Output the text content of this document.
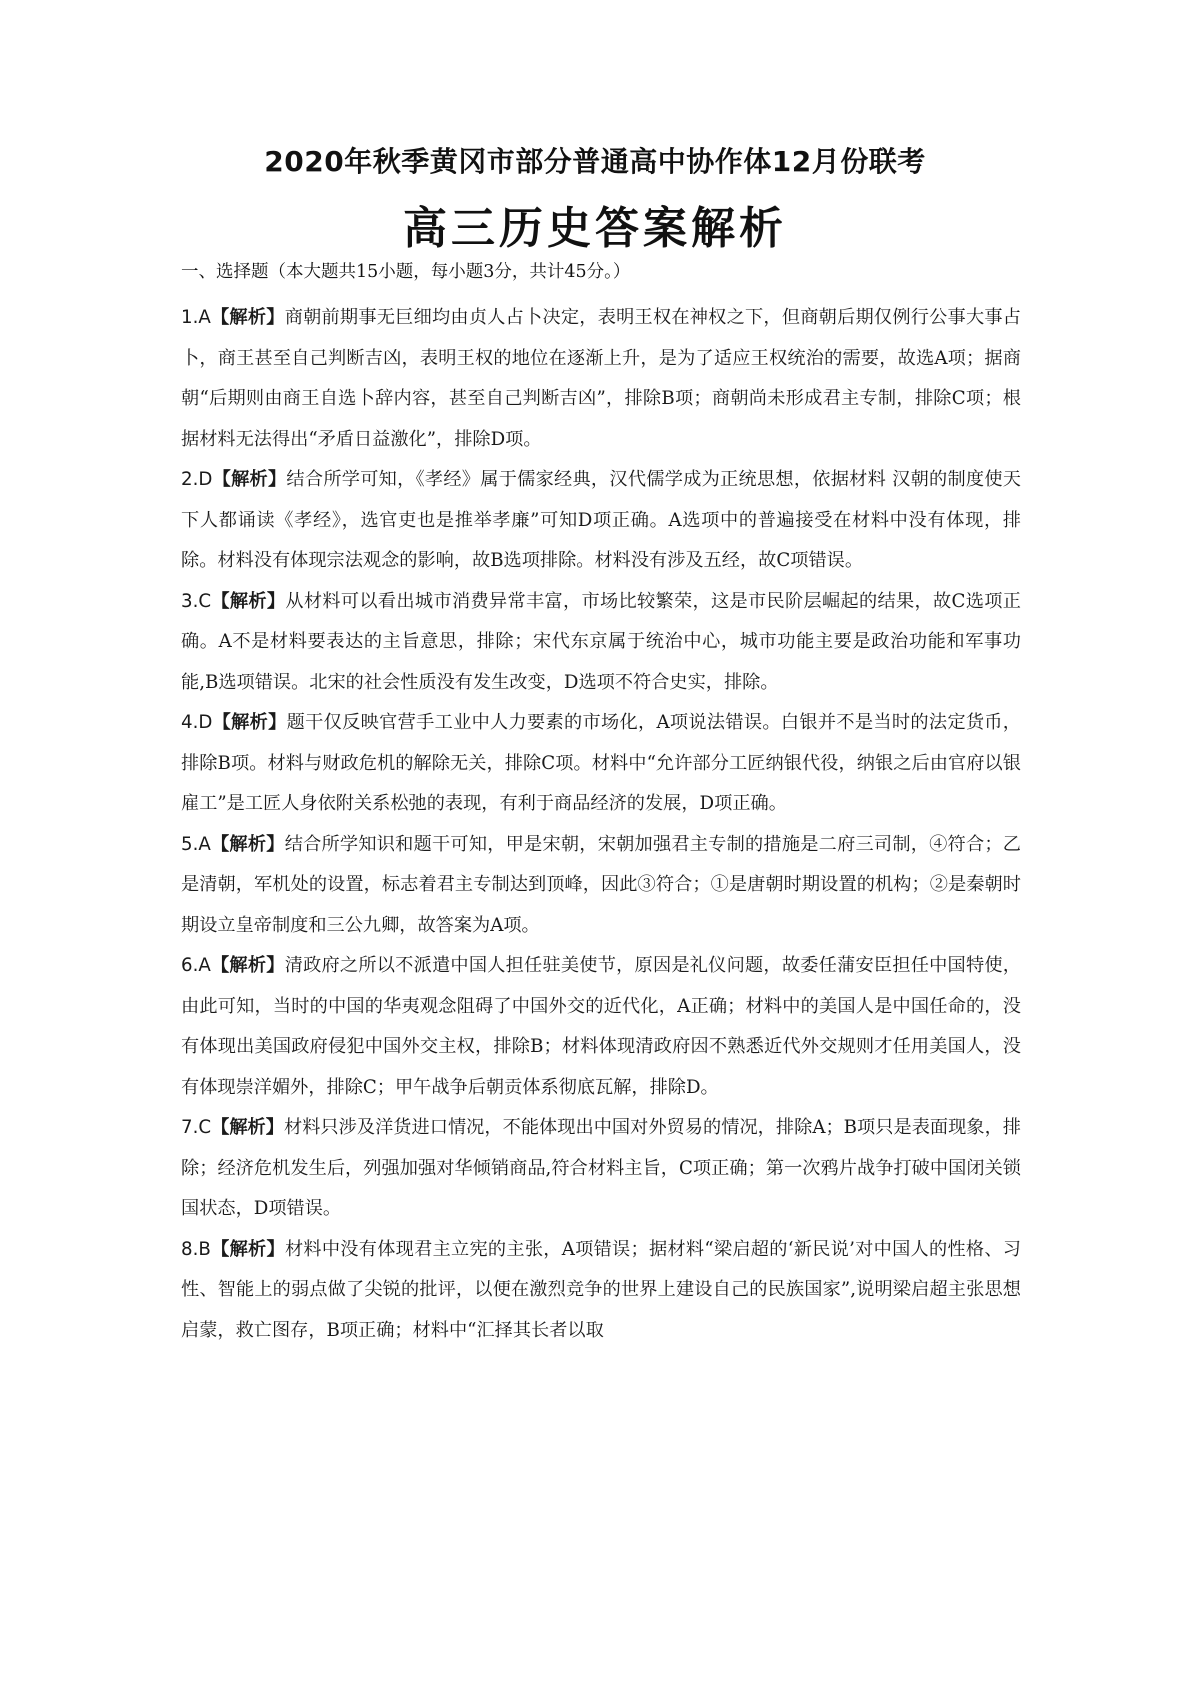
2020年秋季黄冈市部分普通高中协作体12月份联考
高三历史答案解析
一、选择题（本大题共15小题，每小题3分，共计45分。）

1.A【解析】商朝前期事无巨细均由贞人占卜决定，表明王权在神权之下，但商朝后期仅例行公事大事占卜，商王甚至自己判断吉凶，表明王权的地位在逐渐上升，是为了适应王权统治的需要，故选A项；据商朝“后期则由商王自选卜辞内容，甚至自己判断吉凶”，排除B项；商朝尚未形成君主专制，排除C项；根据材料无法得出“矛盾日益激化”，排除D项。

2.D【解析】结合所学可知，《孝经》属于儒家经典，汉代儒学成为正统思想，依据材料 汉朝的制度使天下人都诵读《孝经》，选官吏也是推举孝廉”可知D项正确。A选项中的普遍接受在材料中没有体现，排除。材料没有体现宗法观念的影响，故B选项排除。材料没有涉及五经，故C项错误。

3.C【解析】从材料可以看出城市消费异常丰富，市场比较繁荣，这是市民阶层崛起的结果，故C选项正确。A不是材料要表达的主旨意思，排除；宋代东京属于统治中心，城市功能主要是政治功能和军事功能,B选项错误。北宋的社会性质没有发生改变，D选项不符合史实，排除。

4.D【解析】题干仅反映官营手工业中人力要素的市场化，A项说法错误。白银并不是当时的法定货币，排除B项。材料与财政危机的解除无关，排除C项。材料中“允许部分工匠纳银代役，纳银之后由官府以银雇工”是工匠人身依附关系松弛的表现，有利于商品经济的发展，D项正确。

5.A【解析】结合所学知识和题干可知，甲是宋朝，宋朝加强君主专制的措施是二府三司制，④符合；乙是清朝，军机处的设置，标志着君主专制达到顶峰，因此③符合；①是唐朝时期设置的机构；②是秦朝时期设立皇帝制度和三公九卿，故答案为A项。

6.A【解析】清政府之所以不派遣中国人担任驻美使节，原因是礼仪问题，故委任蒲安臣担任中国特使，由此可知，当时的中国的华夷观念阻碍了中国外交的近代化，A正确；材料中的美国人是中国任命的，没有体现出美国政府侵犯中国外交主权，排除B；材料体现清政府因不熟悉近代外交规则才任用美国人，没有体现崇洋媚外，排除C；甲午战争后朝贡体系彻底瓦解，排除D。

7.C【解析】材料只涉及洋货进口情况，不能体现出中国对外贸易的情况，排除A；B项只是表面现象，排除；经济危机发生后，列强加强对华倾销商品,符合材料主旨，C项正确；第一次鸦片战争打破中国闭关锁国状态，D项错误。

8.B【解析】材料中没有体现君主立宪的主张，A项错误；据材料“梁启超的‘新民说’对中国人的性格、习性、智能上的弱点做了尖锐的批评，以便在激烈竞争的世界上建设自己的民族国家”,说明梁启超主张思想启蒙，救亡图存，B项正确；材料中“汇择其长者以取
